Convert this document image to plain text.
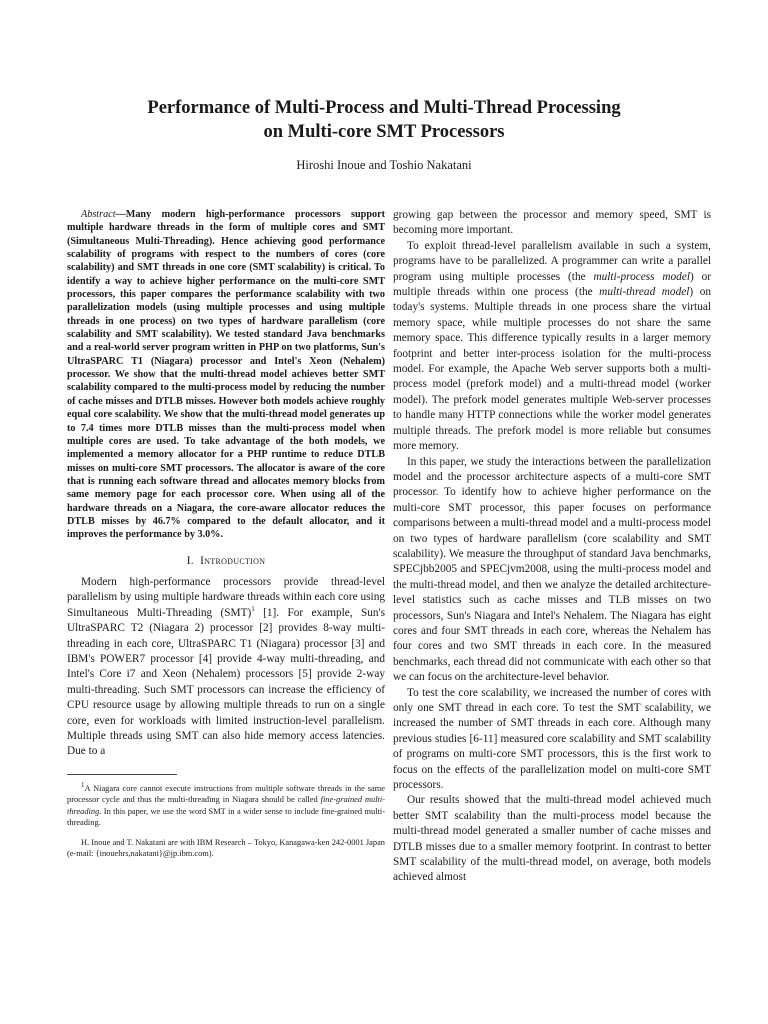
Performance of Multi-Process and Multi-Thread Processing
on Multi-core SMT Processors
Hiroshi Inoue and Toshio Nakatani

Abstract—Many modern high-performance processors support multiple hardware threads in the form of multiple cores and SMT (Simultaneous Multi-Threading). Hence achieving good performance scalability of programs with respect to the numbers of cores (core scalability) and SMT threads in one core (SMT scalability) is critical. To identify a way to achieve higher performance on the multi-core SMT processors, this paper compares the performance scalability with two parallelization models (using multiple processes and using multiple threads in one process) on two types of hardware parallelism (core scalability and SMT scalability). We tested standard Java benchmarks and a real-world server program written in PHP on two platforms, Sun's UltraSPARC T1 (Niagara) processor and Intel's Xeon (Nehalem) processor. We show that the multi-thread model achieves better SMT scalability compared to the multi-process model by reducing the number of cache misses and DTLB misses. However both models achieve roughly equal core scalability. We show that the multi-thread model generates up to 7.4 times more DTLB misses than the multi-process model when multiple cores are used. To take advantage of the both models, we implemented a memory allocator for a PHP runtime to reduce DTLB misses on multi-core SMT processors. The allocator is aware of the core that is running each software thread and allocates memory blocks from same memory page for each processor core. When using all of the hardware threads on a Niagara, the core-aware allocator reduces the DTLB misses by 46.7% compared to the default allocator, and it improves the performance by 3.0%.

I. Introduction

Modern high-performance processors provide thread-level parallelism by using multiple hardware threads within each core using Simultaneous Multi-Threading (SMT)$^1$ [1]. For example, Sun's UltraSPARC T2 (Niagara 2) processor [2] provides 8-way multi-threading in each core, UltraSPARC T1 (Niagara) processor [3] and IBM's POWER7 processor [4] provide 4-way multi-threading, and Intel's Core i7 and Xeon (Nehalem) processors [5] provide 2-way multi-threading. Such SMT processors can increase the efficiency of CPU resource usage by allowing multiple threads to run on a single core, even for workloads with limited instruction-level parallelism. Multiple threads using SMT can also hide memory access latencies. Due to a

$^1$A Niagara core cannot execute instructions from multiple software threads in the same processor cycle and thus the multi-threading in Niagara should be called fine-grained multi-threading. In this paper, we use the word SMT in a wider sense to include fine-grained multi-threading.

H. Inoue and T. Nakatani are with IBM Research – Tokyo, Kanagawa-ken 242-0001 Japan (e-mail: {inouehrs,nakatani}@jp.ibm.com).

growing gap between the processor and memory speed, SMT is becoming more important.

To exploit thread-level parallelism available in such a system, programs have to be parallelized. A programmer can write a parallel program using multiple processes (the multi-process model) or multiple threads within one process (the multi-thread model) on today's systems. Multiple threads in one process share the virtual memory space, while multiple processes do not share the same memory space. This difference typically results in a larger memory footprint and better inter-process isolation for the multi-process model. For example, the Apache Web server supports both a multi-process model (prefork model) and a multi-thread model (worker model). The prefork model generates multiple Web-server processes to handle many HTTP connections while the worker model generates multiple threads. The prefork model is more reliable but consumes more memory.

In this paper, we study the interactions between the parallelization model and the processor architecture aspects of a multi-core SMT processor. To identify how to achieve higher performance on the multi-core SMT processor, this paper focuses on performance comparisons between a multi-thread model and a multi-process model on two types of hardware parallelism (core scalability and SMT scalability). We measure the throughput of standard Java benchmarks, SPECjbb2005 and SPECjvm2008, using the multi-process model and the multi-thread model, and then we analyze the detailed architecture-level statistics such as cache misses and TLB misses on two processors, Sun's Niagara and Intel's Nehalem. The Niagara has eight cores and four SMT threads in each core, whereas the Nehalem has four cores and two SMT threads in each core. In the measured benchmarks, each thread did not communicate with each other so that we can focus on the architecture-level behavior.

To test the core scalability, we increased the number of cores with only one SMT thread in each core. To test the SMT scalability, we increased the number of SMT threads in each core. Although many previous studies [6-11] measured core scalability and SMT scalability of programs on multi-core SMT processors, this is the first work to focus on the effects of the parallelization model on multi-core SMT processors.

Our results showed that the multi-thread model achieved much better SMT scalability than the multi-process model because the multi-thread model generated a smaller number of cache misses and DTLB misses due to a smaller memory footprint. In contrast to better SMT scalability of the multi-thread model, on average, both models achieved almost
